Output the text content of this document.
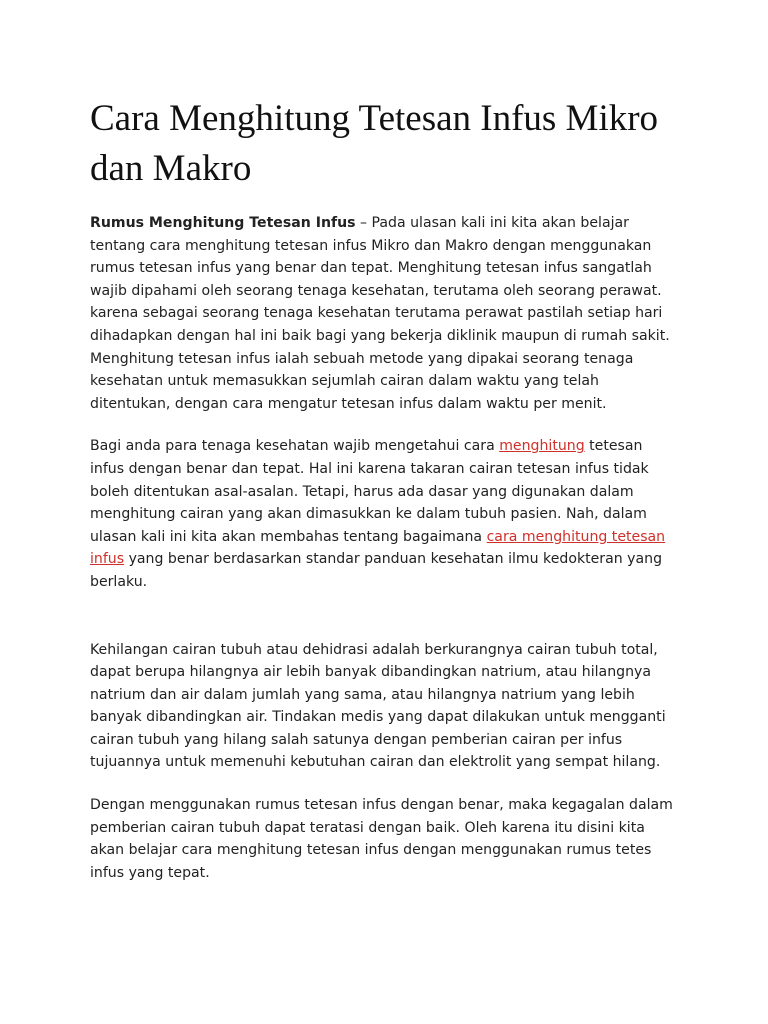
Cara Menghitung Tetesan Infus Mikro dan Makro

Rumus Menghitung Tetesan Infus – Pada ulasan kali ini kita akan belajar tentang cara menghitung tetesan infus Mikro dan Makro dengan menggunakan rumus tetesan infus yang benar dan tepat. Menghitung tetesan infus sangatlah wajib dipahami oleh seorang tenaga kesehatan, terutama oleh seorang perawat. karena sebagai seorang tenaga kesehatan terutama perawat pastilah setiap hari dihadapkan dengan hal ini baik bagi yang bekerja diklinik maupun di rumah sakit. Menghitung tetesan infus ialah sebuah metode yang dipakai seorang tenaga kesehatan untuk memasukkan sejumlah cairan dalam waktu yang telah ditentukan, dengan cara mengatur tetesan infus dalam waktu per menit.

Bagi anda para tenaga kesehatan wajib mengetahui cara menghitung tetesan infus dengan benar dan tepat. Hal ini karena takaran cairan tetesan infus tidak boleh ditentukan asal-asalan. Tetapi, harus ada dasar yang digunakan dalam menghitung cairan yang akan dimasukkan ke dalam tubuh pasien. Nah, dalam ulasan kali ini kita akan membahas tentang bagaimana cara menghitung tetesan infus yang benar berdasarkan standar panduan kesehatan ilmu kedokteran yang berlaku.

Kehilangan cairan tubuh atau dehidrasi adalah berkurangnya cairan tubuh total, dapat berupa hilangnya air lebih banyak dibandingkan natrium, atau hilangnya natrium dan air dalam jumlah yang sama, atau hilangnya natrium yang lebih banyak dibandingkan air. Tindakan medis yang dapat dilakukan untuk mengganti cairan tubuh yang hilang salah satunya dengan pemberian cairan per infus tujuannya untuk memenuhi kebutuhan cairan dan elektrolit yang sempat hilang.

Dengan menggunakan rumus tetesan infus dengan benar, maka kegagalan dalam pemberian cairan tubuh dapat teratasi dengan baik. Oleh karena itu disini kita akan belajar cara menghitung tetesan infus dengan menggunakan rumus tetes infus yang tepat.
